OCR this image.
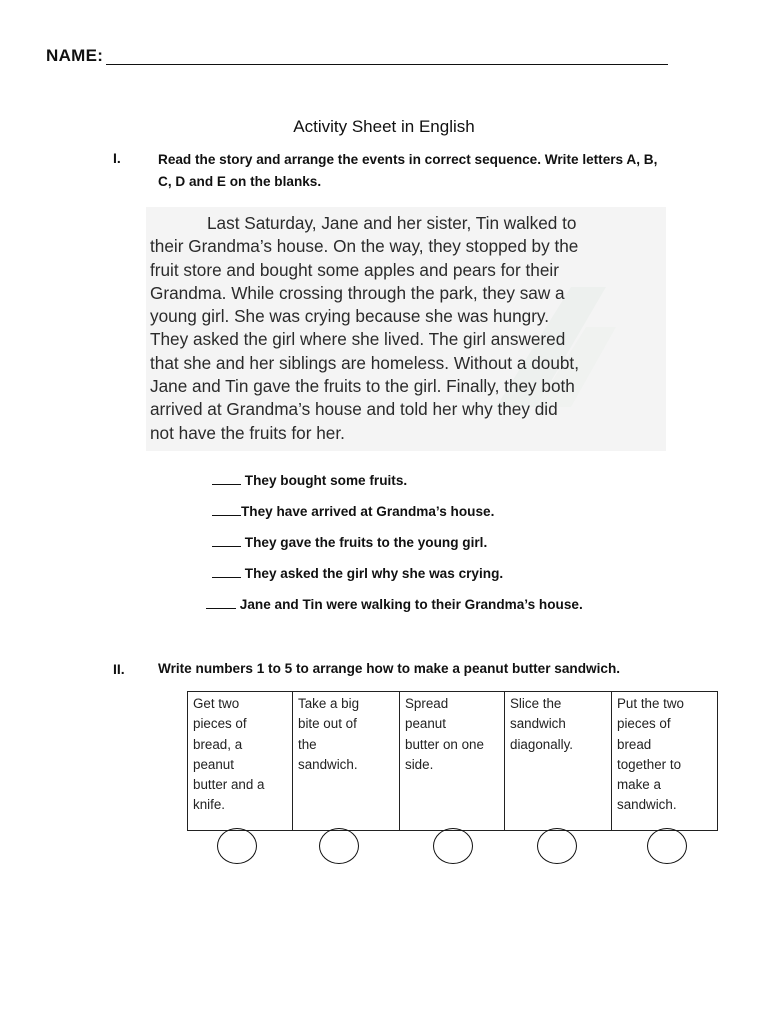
NAME:
Activity Sheet in English
I.	Read the story and arrange the events in correct sequence. Write letters A, B,
C, D and E on the blanks.

Last Saturday, Jane and her sister, Tin walked to

their Grandma’s house. On the way, they stopped by the

fruit store and bought some apples and pears for their

Grandma. While crossing through the park, they saw a

young girl. She was crying because she was hungry.

They asked the girl where she lived. The girl answered

that she and her siblings are homeless. Without a doubt,

Jane and Tin gave the fruits to the girl. Finally, they both

arrived at Grandma’s house and told her why they did

not have the fruits for her.

They bought some fruits.
They have arrived at Grandma’s house.
They gave the fruits to the young girl.
They asked the girl why she was crying.
Jane and Tin were walking to their Grandma’s house.
II. Write numbers 1 to 5 to arrange how to make a peanut butter sandwich.
Get two
pieces of
bread, a
peanut
butter and a
knife.

Take a big
bite out of
the
sandwich.

Spread
peanut
butter on one
side.

Slice the
sandwich
diagonally.

Put the two
pieces of
bread
together to
make a
sandwich.
